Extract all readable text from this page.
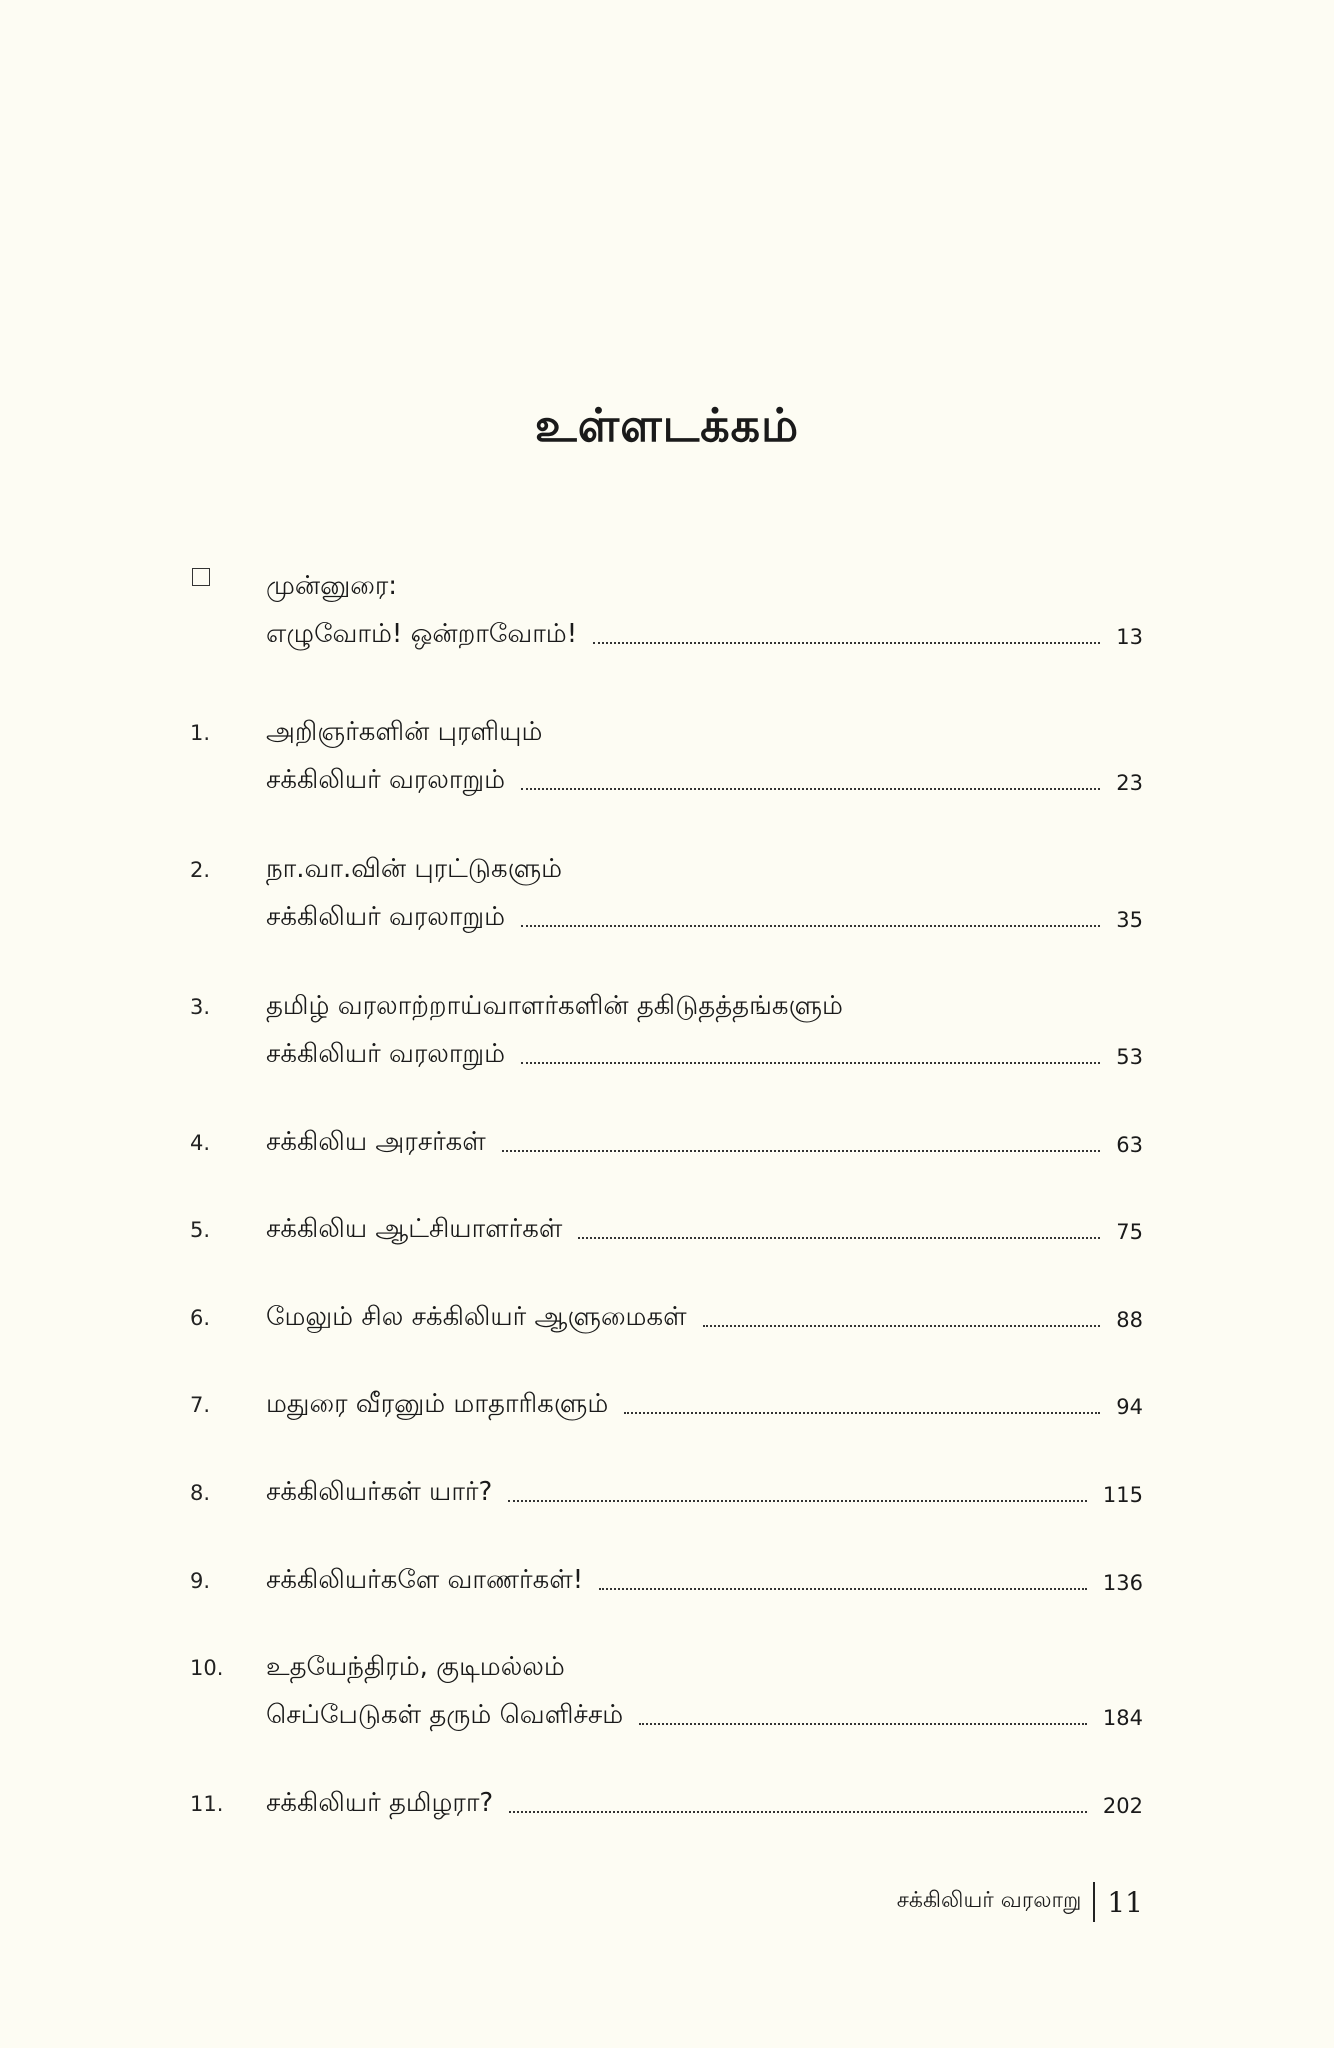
உள்ளடக்கம்
முன்னுரை:
எழுவோம்! ஒன்றாவோம்!	13
1. அறிஞர்களின் புரளியும்
சக்கிலியர் வரலாறும்	23
2. நா.வா.வின் புரட்டுகளும்
சக்கிலியர் வரலாறும்	35
3. தமிழ் வரலாற்றாய்வாளர்களின் தகிடுதத்தங்களும்
சக்கிலியர் வரலாறும்	53
4. சக்கிலிய அரசர்கள்	63
5. சக்கிலிய ஆட்சியாளர்கள்	75
6. மேலும் சில சக்கிலியர் ஆளுமைகள்	88
7. மதுரை வீரனும் மாதாரிகளும்	94
8. சக்கிலியர்கள் யார்?	115
9. சக்கிலியர்களே வாணர்கள்!	136
10. உதயேந்திரம், குடிமல்லம்
செப்பேடுகள் தரும் வெளிச்சம்	184
11. சக்கிலியர் தமிழரா?	202
சக்கிலியர் வரலாறு 11
